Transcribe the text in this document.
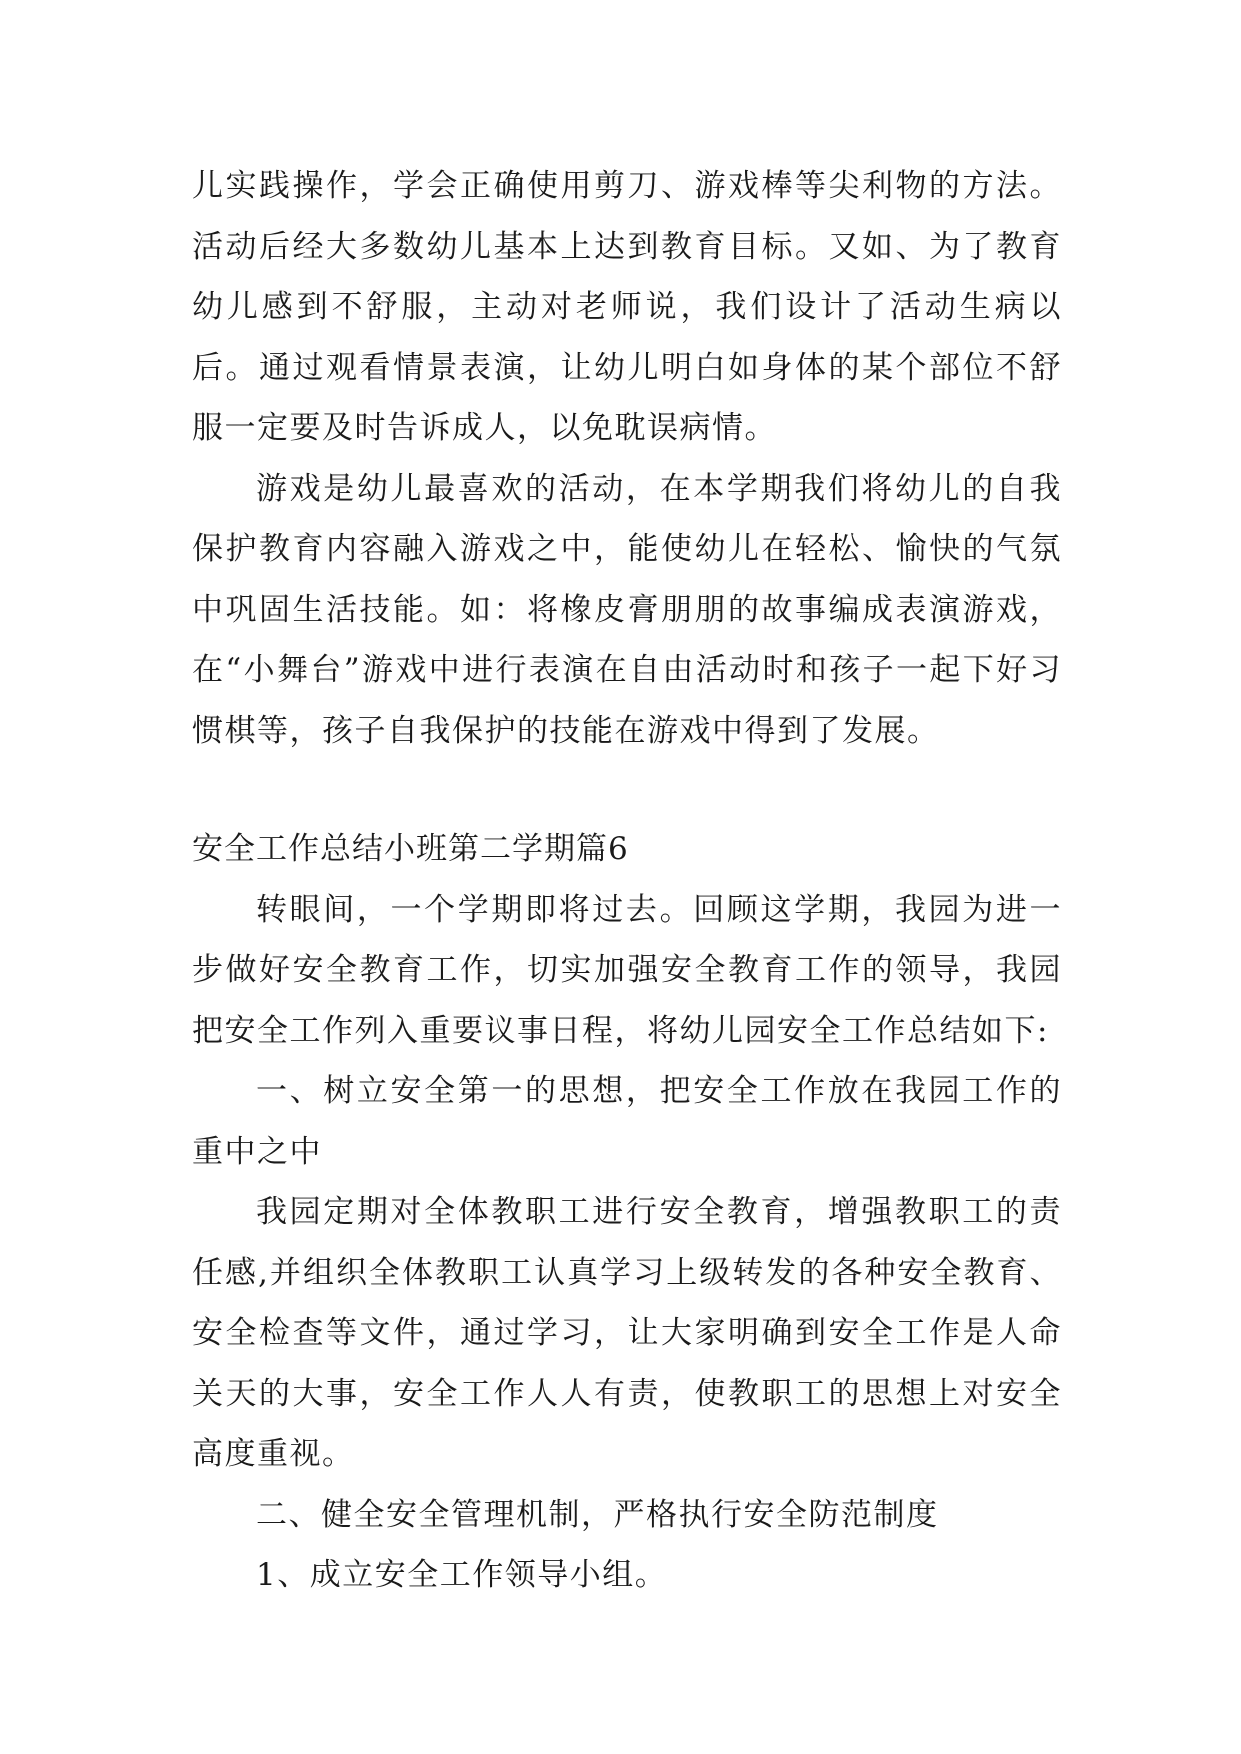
儿实践操作，学会正确使用剪刀、游戏棒等尖利物的方法。活动后经大多数幼儿基本上达到教育目标。又如、为了教育幼儿感到不舒服，主动对老师说，我们设计了活动生病以后。通过观看情景表演，让幼儿明白如身体的某个部位不舒服一定要及时告诉成人，以免耽误病情。

游戏是幼儿最喜欢的活动，在本学期我们将幼儿的自我保护教育内容融入游戏之中，能使幼儿在轻松、愉快的气氛中巩固生活技能。如：将橡皮膏朋朋的故事编成表演游戏，在“小舞台”游戏中进行表演在自由活动时和孩子一起下好习惯棋等，孩子自我保护的技能在游戏中得到了发展。

安全工作总结小班第二学期篇6

转眼间，一个学期即将过去。回顾这学期，我园为进一步做好安全教育工作，切实加强安全教育工作的领导，我园把安全工作列入重要议事日程，将幼儿园安全工作总结如下:

一、树立安全第一的思想，把安全工作放在我园工作的重中之中

我园定期对全体教职工进行安全教育，增强教职工的责任感,并组织全体教职工认真学习上级转发的各种安全教育、安全检查等文件，通过学习，让大家明确到安全工作是人命关天的大事，安全工作人人有责，使教职工的思想上对安全高度重视。

二、健全安全管理机制，严格执行安全防范制度

1、成立安全工作领导小组。
